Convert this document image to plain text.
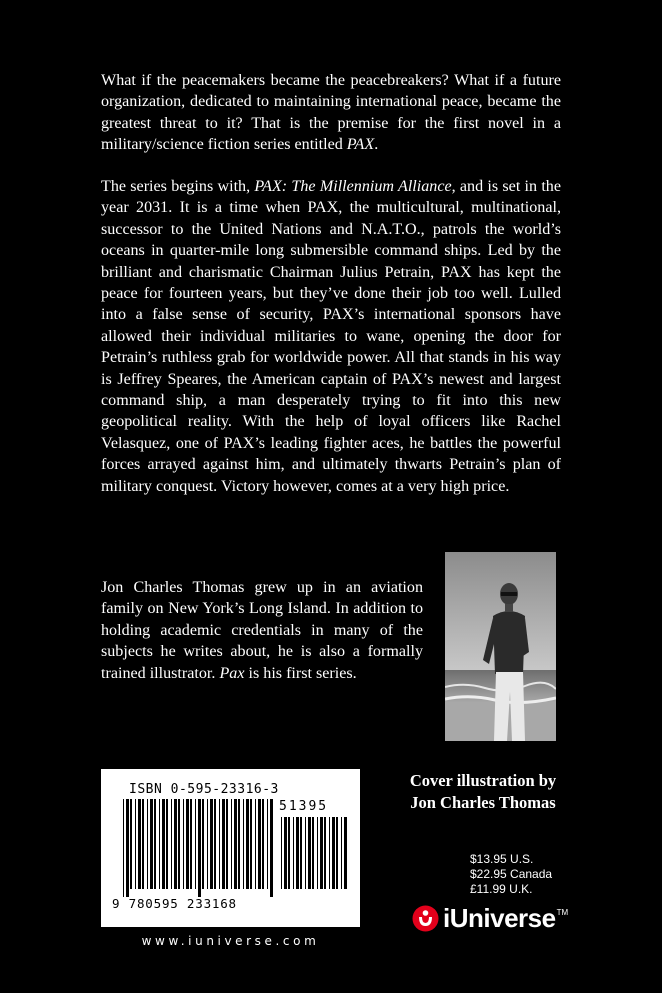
What if the peacemakers became the peacebreakers? What if a future organization, dedicated to maintaining international peace, became the greatest threat to it? That is the premise for the first novel in a military/science fiction series entitled PAX.

The series begins with, PAX: The Millennium Alliance, and is set in the year 2031. It is a time when PAX, the multicultural, multinational, successor to the United Nations and N.A.T.O., patrols the world’s oceans in quarter-mile long submersible command ships. Led by the brilliant and charismatic Chairman Julius Petrain, PAX has kept the peace for fourteen years, but they’ve done their job too well. Lulled into a false sense of security, PAX’s international sponsors have allowed their individual militaries to wane, opening the door for Petrain’s ruthless grab for worldwide power. All that stands in his way is Jeffrey Speares, the American captain of PAX’s newest and largest command ship, a man desperately trying to fit into this new geopolitical reality. With the help of loyal officers like Rachel Velasquez, one of PAX’s leading fighter aces, he battles the powerful forces arrayed against him, and ultimately thwarts Petrain’s plan of military conquest. Victory however, comes at a very high price.

Jon Charles Thomas grew up in an aviation family on New York’s Long Island. In addition to holding academic credentials in many of the subjects he writes about, he is also a formally trained illustrator. Pax is his first series.

Cover illustration by
Jon Charles Thomas
ISBN 0-595-23316-3
51395
9 780595 233168
www.iuniverse.com
$13.95 U.S.
$22.95 Canada
£11.99 U.K.
iUniverse TM
